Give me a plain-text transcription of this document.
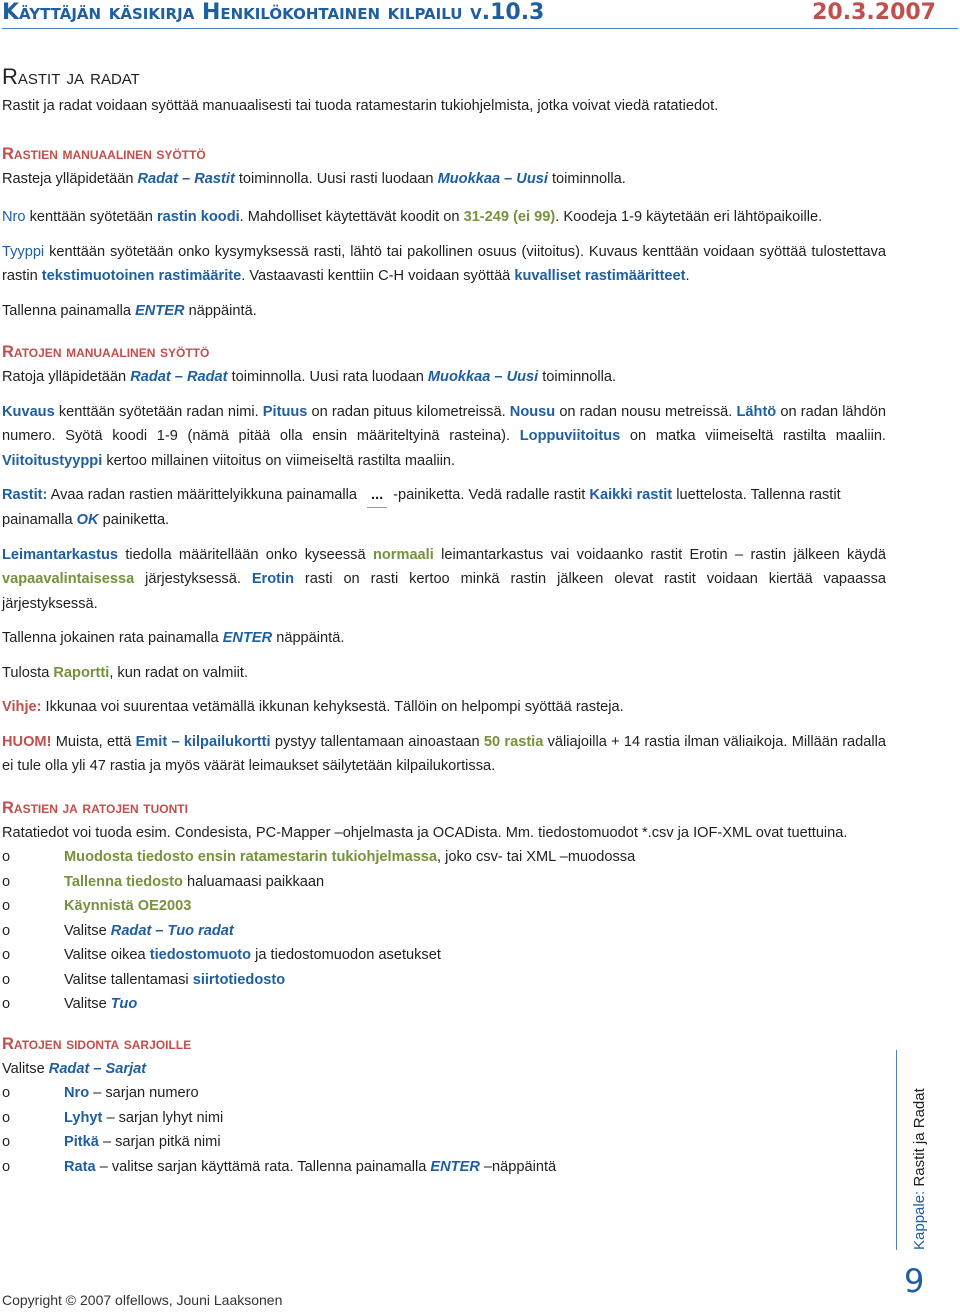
Käyttäjän käsikirja Henkilökohtainen kilpailu v.10.3	20.3.2007
Rastit ja radat

Rastit ja radat voidaan syöttää manuaalisesti tai tuoda ratamestarin tukiohjelmista, jotka voivat viedä ratatiedot.

Rastien manuaalinen syöttö

Rasteja ylläpidetään Radat – Rastit toiminnolla. Uusi rasti luodaan Muokkaa – Uusi toiminnolla.

Nro kenttään syötetään rastin koodi. Mahdolliset käytettävät koodit on 31-249 (ei 99). Koodeja 1-9 käytetään eri lähtöpaikoille.

Tyyppi kenttään syötetään onko kysymyksessä rasti, lähtö tai pakollinen osuus (viitoitus). Kuvaus kenttään voidaan syöttää tulostettava rastin tekstimuotoinen rastimäärite. Vastaavasti kenttiin C-H voidaan syöttää kuvalliset rastimääritteet.

Tallenna painamalla ENTER näppäintä.

Ratojen manuaalinen syöttö

Ratoja ylläpidetään Radat – Radat toiminnolla. Uusi rata luodaan Muokkaa – Uusi toiminnolla.

Kuvaus kenttään syötetään radan nimi. Pituus on radan pituus kilometreissä. Nousu on radan nousu metreissä. Lähtö on radan lähdön numero. Syötä koodi 1-9 (nämä pitää olla ensin määriteltyinä rasteina). Loppuviitoitus on matka viimeiseltä rastilta maaliin. Viitoitustyyppi kertoo millainen viitoitus on viimeiseltä rastilta maaliin.

Rastit: Avaa radan rastien määrittelyikkuna painamalla ... -painiketta. Vedä radalle rastit Kaikki rastit luettelosta. Tallenna rastit painamalla OK painiketta.

Leimantarkastus tiedolla määritellään onko kyseessä normaali leimantarkastus vai voidaanko rastit Erotin – rastin jälkeen käydä vapaavalintaisessa järjestyksessä. Erotin rasti on rasti kertoo minkä rastin jälkeen olevat rastit voidaan kiertää vapaassa järjestyksessä.

Tallenna jokainen rata painamalla ENTER näppäintä.

Tulosta Raportti, kun radat on valmiit.

Vihje: Ikkunaa voi suurentaa vetämällä ikkunan kehyksestä. Tällöin on helpompi syöttää rasteja.

HUOM! Muista, että Emit – kilpailukortti pystyy tallentamaan ainoastaan 50 rastia väliajoilla + 14 rastia ilman väliaikoja. Millään radalla ei tule olla yli 47 rastia ja myös väärät leimaukset säilytetään kilpailukortissa.

Rastien ja ratojen tuonti

Ratatiedot voi tuoda esim. Condesista, PC-Mapper –ohjelmasta ja OCADista. Mm. tiedostomuodot *.csv ja IOF-XML ovat tuettuina.

o Muodosta tiedosto ensin ratamestarin tukiohjelmassa, joko csv- tai XML –muodossa
o Tallenna tiedosto haluamaasi paikkaan
o Käynnistä OE2003
o Valitse Radat – Tuo radat
o Valitse oikea tiedostomuoto ja tiedostomuodon asetukset
o Valitse tallentamasi siirtotiedosto
o Valitse Tuo
Ratojen sidonta sarjoille

Valitse Radat – Sarjat

o Nro – sarjan numero
o Lyhyt – sarjan lyhyt nimi
o Pitkä – sarjan pitkä nimi
o Rata – valitse sarjan käyttämä rata. Tallenna painamalla ENTER –näppäintä
Kappale: Rastit ja Radat
9
Copyright © 2007 olfellows, Jouni Laaksonen
